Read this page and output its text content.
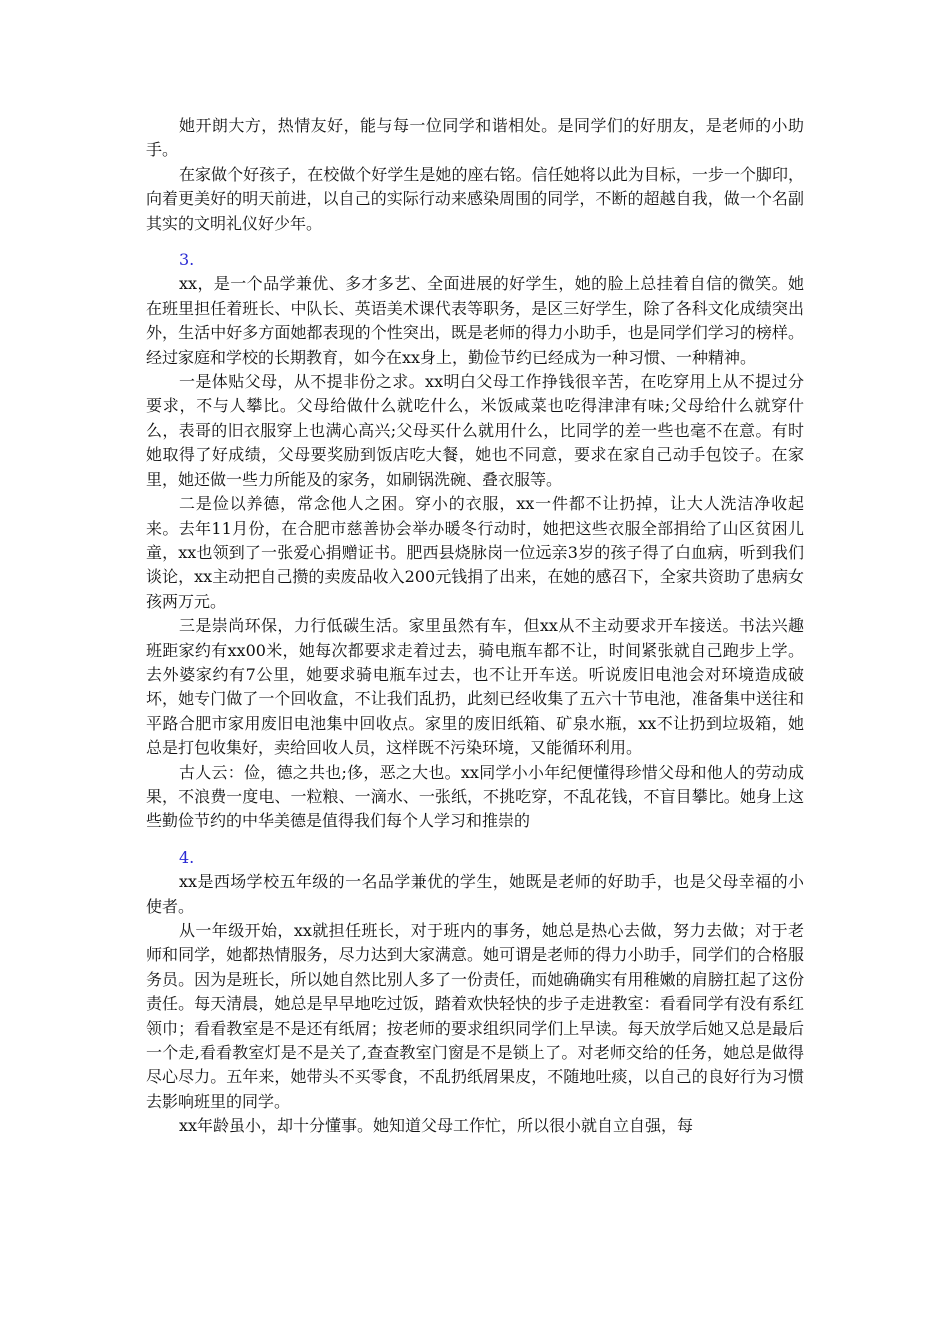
她开朗大方，热情友好，能与每一位同学和谐相处。是同学们的好朋友，是老师的小助手。

在家做个好孩子，在校做个好学生是她的座右铭。信任她将以此为目标，一步一个脚印，向着更美好的明天前进，以自己的实际行动来感染周围的同学，不断的超越自我，做一个名副其实的文明礼仪好少年。

3.

xx，是一个品学兼优、多才多艺、全面进展的好学生，她的脸上总挂着自信的微笑。她在班里担任着班长、中队长、英语美术课代表等职务，是区三好学生，除了各科文化成绩突出外，生活中好多方面她都表现的个性突出，既是老师的得力小助手，也是同学们学习的榜样。经过家庭和学校的长期教育，如今在xx身上，勤俭节约已经成为一种习惯、一种精神。

一是体贴父母，从不提非份之求。xx明白父母工作挣钱很辛苦，在吃穿用上从不提过分要求，不与人攀比。父母给做什么就吃什么，米饭咸菜也吃得津津有味;父母给什么就穿什么，表哥的旧衣服穿上也满心高兴;父母买什么就用什么，比同学的差一些也毫不在意。有时她取得了好成绩，父母要奖励到饭店吃大餐，她也不同意，要求在家自己动手包饺子。在家里，她还做一些力所能及的家务，如刷锅洗碗、叠衣服等。

二是俭以养德，常念他人之困。穿小的衣服，xx一件都不让扔掉，让大人洗洁净收起来。去年11月份，在合肥市慈善协会举办暖冬行动时，她把这些衣服全部捐给了山区贫困儿童，xx也领到了一张爱心捐赠证书。肥西县烧脉岗一位远亲3岁的孩子得了白血病，听到我们谈论，xx主动把自己攒的卖废品收入200元钱捐了出来，在她的感召下，全家共资助了患病女孩两万元。

三是崇尚环保，力行低碳生活。家里虽然有车，但xx从不主动要求开车接送。书法兴趣班距家约有xx00米，她每次都要求走着过去，骑电瓶车都不让，时间紧张就自己跑步上学。去外婆家约有7公里，她要求骑电瓶车过去，也不让开车送。听说废旧电池会对环境造成破坏，她专门做了一个回收盒，不让我们乱扔，此刻已经收集了五六十节电池，准备集中送往和平路合肥市家用废旧电池集中回收点。家里的废旧纸箱、矿泉水瓶，xx不让扔到垃圾箱，她总是打包收集好，卖给回收人员，这样既不污染环境，又能循环利用。

古人云：俭，德之共也;侈，恶之大也。xx同学小小年纪便懂得珍惜父母和他人的劳动成果，不浪费一度电、一粒粮、一滴水、一张纸，不挑吃穿，不乱花钱，不盲目攀比。她身上这些勤俭节约的中华美德是值得我们每个人学习和推崇的

4.

xx是西场学校五年级的一名品学兼优的学生，她既是老师的好助手，也是父母幸福的小使者。

从一年级开始，xx就担任班长，对于班内的事务，她总是热心去做，努力去做；对于老师和同学，她都热情服务，尽力达到大家满意。她可谓是老师的得力小助手，同学们的合格服务员。因为是班长，所以她自然比别人多了一份责任，而她确确实有用稚嫩的肩膀扛起了这份责任。每天清晨，她总是早早地吃过饭，踏着欢快轻快的步子走进教室：看看同学有没有系红领巾；看看教室是不是还有纸屑；按老师的要求组织同学们上早读。每天放学后她又总是最后一个走,看看教室灯是不是关了,查查教室门窗是不是锁上了。对老师交给的任务，她总是做得尽心尽力。五年来，她带头不买零食，不乱扔纸屑果皮，不随地吐痰，以自己的良好行为习惯去影响班里的同学。

xx年龄虽小，却十分懂事。她知道父母工作忙，所以很小就自立自强，每
